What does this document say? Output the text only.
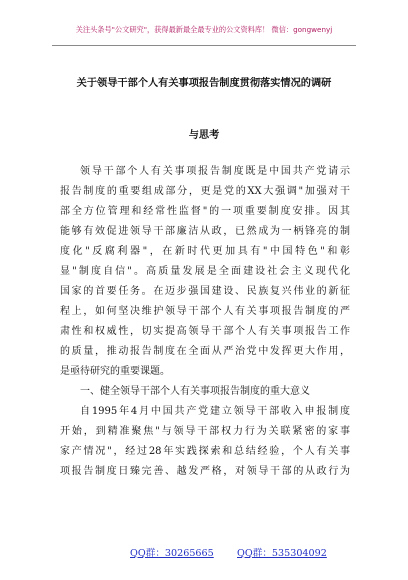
关注头条号"公文研究"，获得最新最全最专业的公文资料库！ 微信：gongwenyj
关于领导干部个人有关事项报告制度贯彻落实情况的调研
与思考
领导干部个人有关事项报告制度既是中国共产党请示
报告制度的重要组成部分，更是党的XX大强调"加强对干
部全方位管理和经常性监督"的一项重要制度安排。因其
能够有效促进领导干部廉洁从政，已然成为一柄锋亮的制
度化"反腐利器"，在新时代更加具有"中国特色"和彰
显"制度自信"。高质量发展是全面建设社会主义现代化
国家的首要任务。在迈步强国建设、民族复兴伟业的新征
程上，如何坚决维护领导干部个人有关事项报告制度的严
肃性和权威性，切实提高领导干部个人有关事项报告工作
的质量，推动报告制度在全面从严治党中发挥更大作用，
是亟待研究的重要课题。
一、健全领导干部个人有关事项报告制度的重大意义
自1995年4月中国共产党建立领导干部收入申报制度
开始，到精准聚焦"与领导干部权力行为关联紧密的家事
家产情况"，经过28年实践探索和总结经验，个人有关事
项报告制度日臻完善、越发严格，对领导干部的从政行为
QQ群：30265665 QQ群：535304092
